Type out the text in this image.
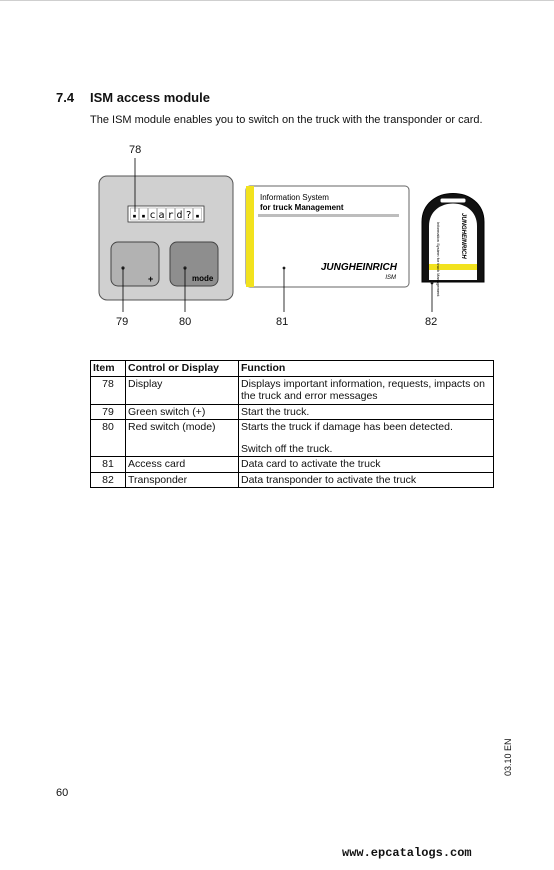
7.4 ISM access module
The ISM module enables you to switch on the truck with the transponder or card.
▪ ▪ c a r d ? ▪
+	mode
Information System
for truck Management
JUNGHEINRICH
ISM
JUNGHEINRICH
Information System for truck Management
78
79	80	81	82
Item	Control or Display	Function
78	Display	Displays important information, requests, impacts on the truck and error messages
79	Green switch (+)	Start the truck.
80	Red switch (mode)	Starts the truck if damage has been detected.
Switch off the truck.
81	Access card	Data card to activate the truck
82	Transponder	Data transponder to activate the truck
03.10 EN
60
www.epcatalogs.com
